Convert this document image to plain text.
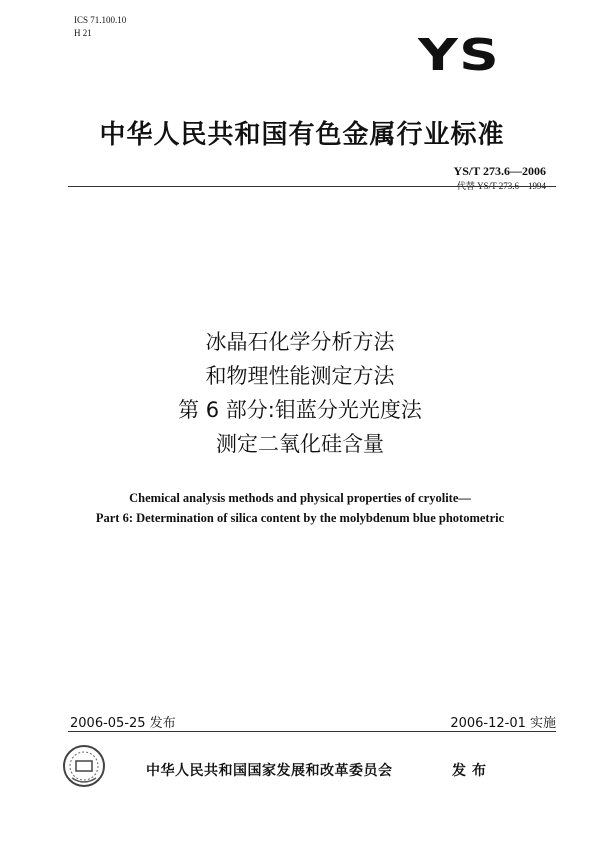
ICS 71.100.10
H 21	YS
中华人民共和国有色金属行业标准
YS/T 273.6—2006
代替 YS/T 273.6—1994
冰晶石化学分析方法
和物理性能测定方法
第 6 部分:钼蓝分光光度法
测定二氧化硅含量
Chemical analysis methods and physical properties of cryolite—
Part 6: Determination of silica content by the molybdenum blue photometric
2006-05-25 发布	2006-12-01 实施
中华人民共和国国家发展和改革委员会	发布
